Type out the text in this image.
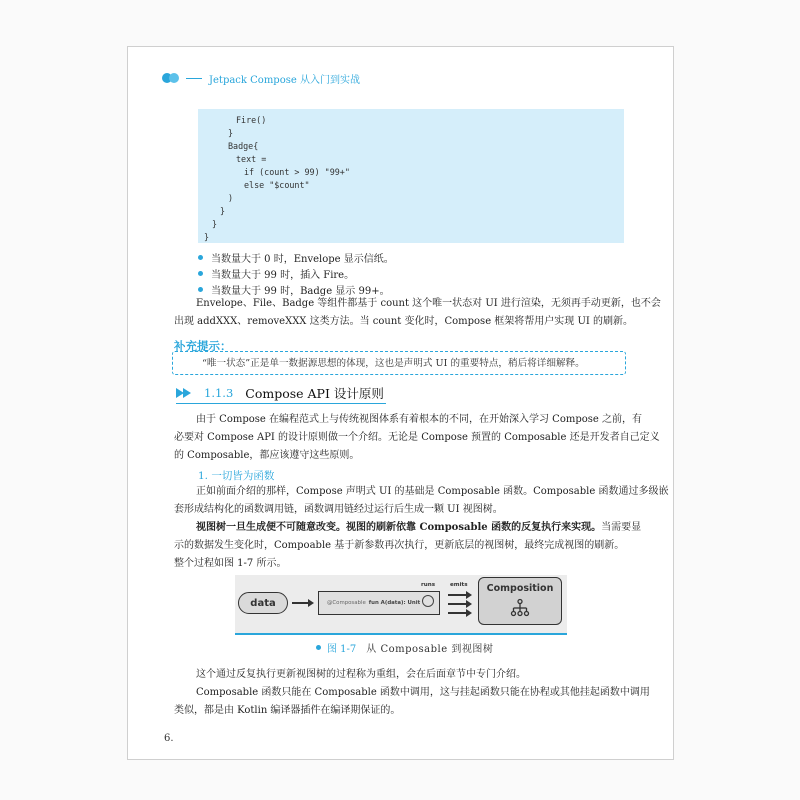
Jetpack Compose 从入门到实战
Fire()
}
Badge{
text =
if (count > 99) "99+"
else "$count"
)
}
}
}
当数量大于 0 时，Envelope 显示信纸。
当数量大于 99 时，插入 Fire。
当数量大于 99 时，Badge 显示 99+。
Envelope、File、Badge 等组件都基于 count 这个唯一状态对 UI 进行渲染，无须再手动更新，也不会
出现 addXXX、removeXXX 这类方法。当 count 变化时，Compose 框架将帮用户实现 UI 的刷新。
补充提示：
“唯一状态”正是单一数据源思想的体现，这也是声明式 UI 的重要特点，稍后将详细解释。
1.1.3 Compose API 设计原则
由于 Compose 在编程范式上与传统视图体系有着根本的不同，在开始深入学习 Compose 之前，有
必要对 Compose API 的设计原则做一个介绍。无论是 Compose 预置的 Composable 还是开发者自己定义
的 Composable，都应该遵守这些原则。
1. 一切皆为函数
正如前面介绍的那样，Compose 声明式 UI 的基础是 Composable 函数。Composable 函数通过多级嵌
套形成结构化的函数调用链，函数调用链经过运行后生成一颗 UI 视图树。
视图树一旦生成便不可随意改变。视图的刷新依靠 Composable 函数的反复执行来实现。当需要显
示的数据发生变化时，Compoable 基于新参数再次执行，更新底层的视图树，最终完成视图的刷新。
整个过程如图 1-7 所示。
data	@Composable fun A(data): Unit
runs	emits	Composition
图 1-7 从 Composable 到视图树
这个通过反复执行更新视图树的过程称为重组，会在后面章节中专门介绍。
Composable 函数只能在 Composable 函数中调用，这与挂起函数只能在协程或其他挂起函数中调用
类似，都是由 Kotlin 编译器插件在编译期保证的。
6.
